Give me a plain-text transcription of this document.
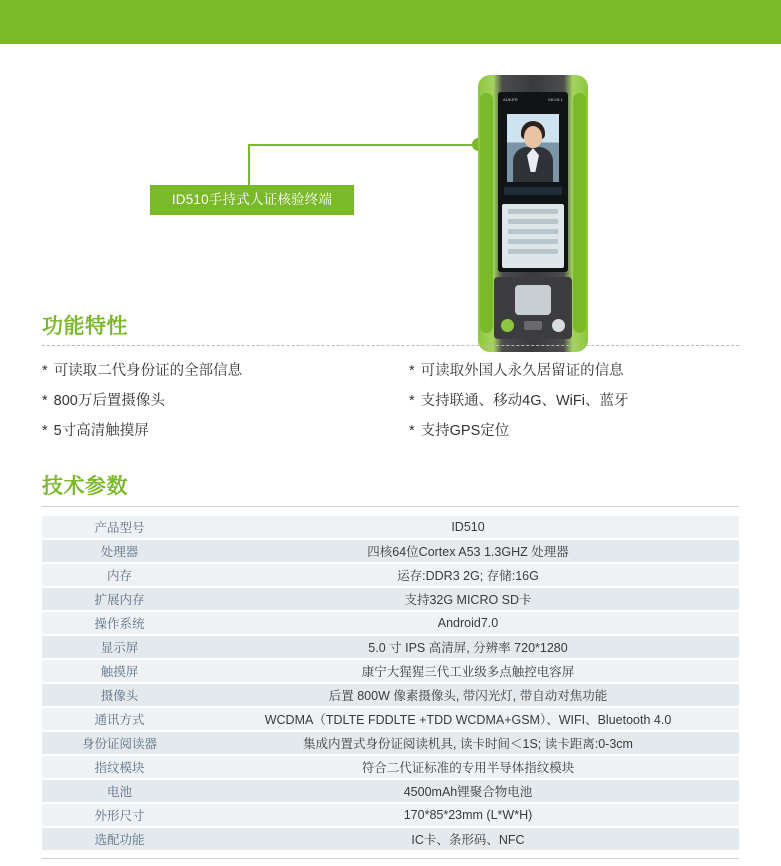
ID510手持式人证核验终端
AUKER	08:05:1
功能特性
* 可读取二代身份证的全部信息
* 800万后置摄像头
* 5寸高清触摸屏
* 可读取外国人永久居留证的信息
* 支持联通、移动4G、WiFi、蓝牙
* 支持GPS定位
技术参数
产品型号	ID510
处理器	四核64位Cortex A53 1.3GHZ 处理器
内存	运存:DDR3 2G; 存储:16G
扩展内存	支持32G MICRO SD卡
操作系统	Android7.0
显示屏	5.0 寸 IPS 高清屏, 分辨率 720*1280
触摸屏	康宁大猩猩三代工业级多点触控电容屏
摄像头	后置 800W 像素摄像头, 带闪光灯, 带自动对焦功能
通讯方式	WCDMA（TDLTE FDDLTE +TDD WCDMA+GSM）、WIFI、Bluetooth 4.0
身份证阅读器	集成内置式身份证阅读机具, 读卡时间＜1S; 读卡距离:0-3cm
指纹模块	符合二代证标准的专用半导体指纹模块
电池	4500mAh锂聚合物电池
外形尺寸	170*85*23mm (L*W*H)
选配功能	IC卡、条形码、NFC
